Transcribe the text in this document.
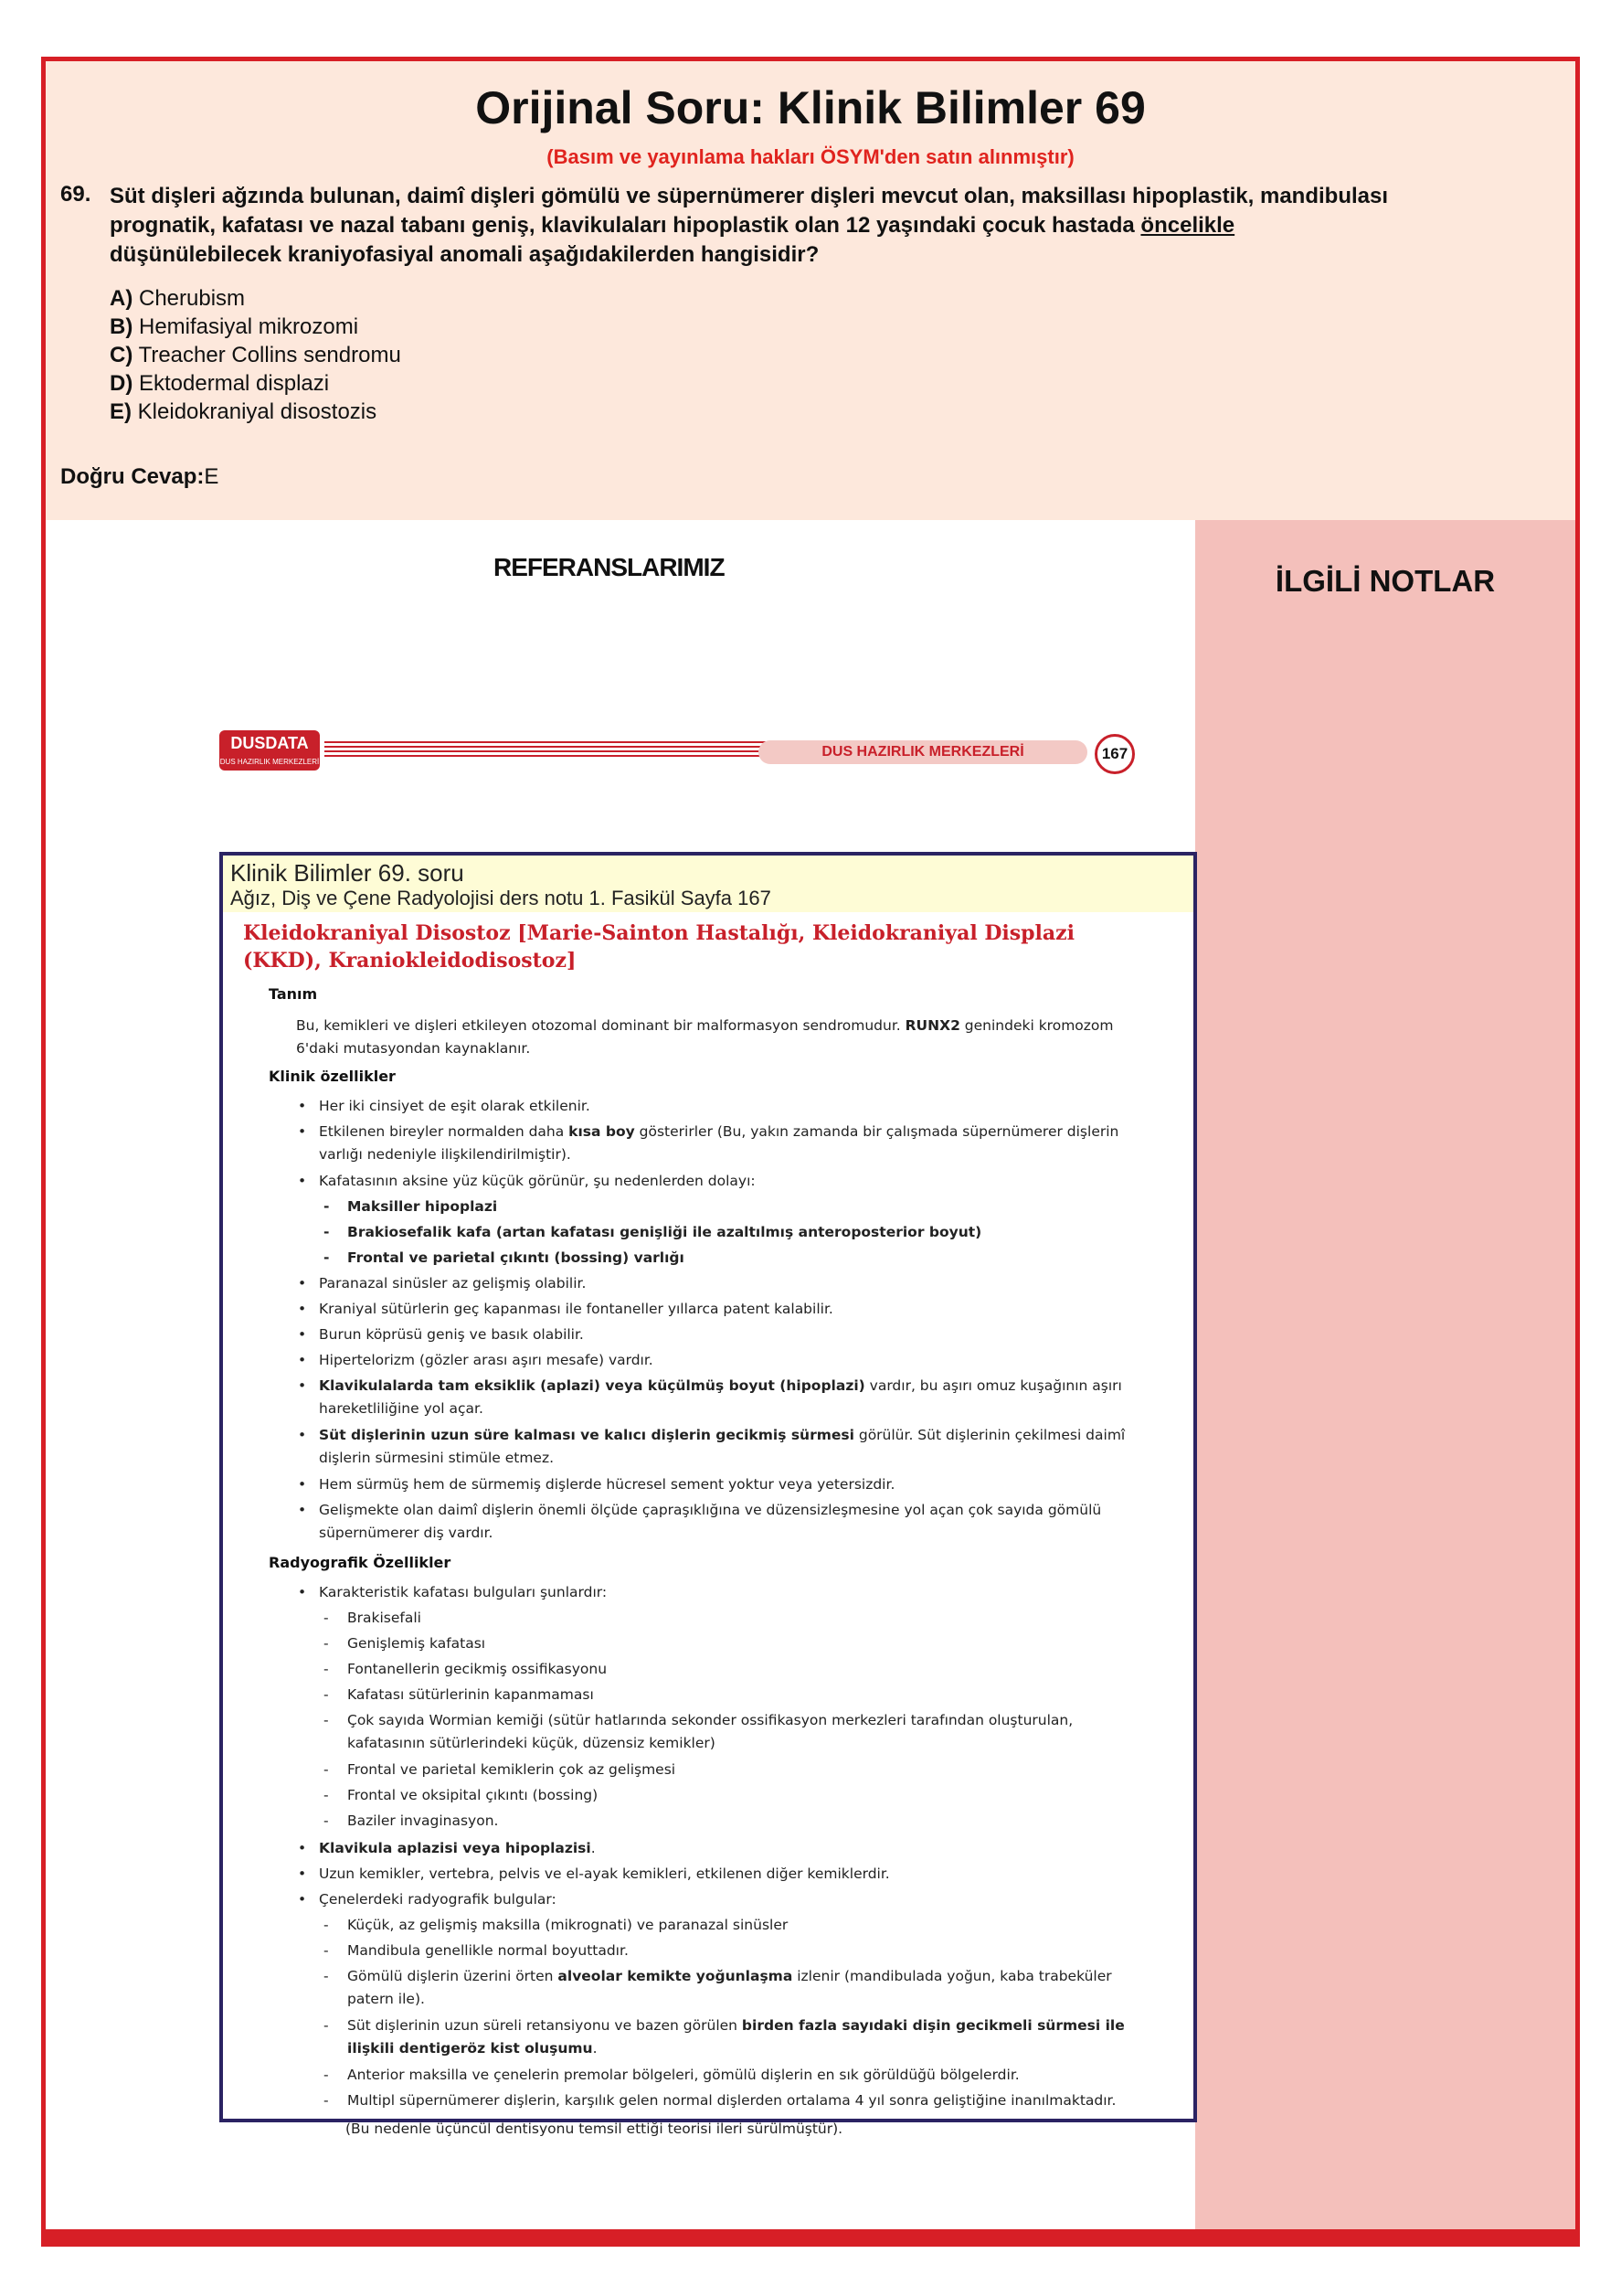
Orijinal Soru: Klinik Bilimler 69
(Basım ve yayınlama hakları ÖSYM'den satın alınmıştır)
69. Süt dişleri ağzında bulunan, daimî dişleri gömülü ve süpernümerer dişleri mevcut olan, maksillası hipoplastik, mandibulası prognatik, kafatası ve nazal tabanı geniş, klavikulaları hipoplastik olan 12 yaşındaki çocuk hastada öncelikle düşünülebilecek kraniyofasiyal anomali aşağıdakilerden hangisidir?
A) Cherubism
B) Hemifasiyal mikrozomi
C) Treacher Collins sendromu
D) Ektodermal displazi
E) Kleidokraniyal disostozis
Doğru Cevap:E
REFERANSLARIMIZ	İLGİLİ NOTLAR
DUSDATA
DUS HAZIRLIK MERKEZLERİ
DUS HAZIRLIK MERKEZLERİ	167
Klinik Bilimler 69. soru
Ağız, Diş ve Çene Radyolojisi ders notu 1. Fasikül Sayfa 167
Kleidokraniyal Disostoz [Marie-Sainton Hastalığı, Kleidokraniyal Displazi (KKD), Kraniokleidodisostoz]
Tanım
Bu, kemikleri ve dişleri etkileyen otozomal dominant bir malformasyon sendromudur. RUNX2 genindeki kromozom 6'daki mutasyondan kaynaklanır.
Klinik özellikler
• Her iki cinsiyet de eşit olarak etkilenir.
• Etkilenen bireyler normalden daha kısa boy gösterirler (Bu, yakın zamanda bir çalışmada süpernümerer dişlerin varlığı nedeniyle ilişkilendirilmiştir).
• Kafatasının aksine yüz küçük görünür, şu nedenlerden dolayı:
- Maksiller hipoplazi
- Brakiosefalik kafa (artan kafatası genişliği ile azaltılmış anteroposterior boyut)
- Frontal ve parietal çıkıntı (bossing) varlığı
• Paranazal sinüsler az gelişmiş olabilir.
• Kraniyal sütürlerin geç kapanması ile fontaneller yıllarca patent kalabilir.
• Burun köprüsü geniş ve basık olabilir.
• Hipertelorizm (gözler arası aşırı mesafe) vardır.
• Klavikulalarda tam eksiklik (aplazi) veya küçülmüş boyut (hipoplazi) vardır, bu aşırı omuz kuşağının aşırı hareketliliğine yol açar.
• Süt dişlerinin uzun süre kalması ve kalıcı dişlerin gecikmiş sürmesi görülür. Süt dişlerinin çekilmesi daimî dişlerin sürmesini stimüle etmez.
• Hem sürmüş hem de sürmemiş dişlerde hücresel sement yoktur veya yetersizdir.
• Gelişmekte olan daimî dişlerin önemli ölçüde çapraşıklığına ve düzensizleşmesine yol açan çok sayıda gömülü süpernümerer diş vardır.
Radyografik Özellikler
• Karakteristik kafatası bulguları şunlardır:
- Brakisefali
- Genişlemiş kafatası
- Fontanellerin gecikmiş ossifikasyonu
- Kafatası sütürlerinin kapanmaması
- Çok sayıda Wormian kemiği (sütür hatlarında sekonder ossifikasyon merkezleri tarafından oluşturulan, kafatasının sütürlerindeki küçük, düzensiz kemikler)
- Frontal ve parietal kemiklerin çok az gelişmesi
- Frontal ve oksipital çıkıntı (bossing)
- Baziler invaginasyon.
• Klavikula aplazisi veya hipoplazisi.
• Uzun kemikler, vertebra, pelvis ve el-ayak kemikleri, etkilenen diğer kemiklerdir.
• Çenelerdeki radyografik bulgular:
- Küçük, az gelişmiş maksilla (mikrognati) ve paranazal sinüsler
- Mandibula genellikle normal boyuttadır.
- Gömülü dişlerin üzerini örten alveolar kemikte yoğunlaşma izlenir (mandibulada yoğun, kaba trabeküler patern ile).
- Süt dişlerinin uzun süreli retansiyonu ve bazen görülen birden fazla sayıdaki dişin gecikmeli sürmesi ile ilişkili dentigeröz kist oluşumu.
- Anterior maksilla ve çenelerin premolar bölgeleri, gömülü dişlerin en sık görüldüğü bölgelerdir.
- Multipl süpernümerer dişlerin, karşılık gelen normal dişlerden ortalama 4 yıl sonra geliştiğine inanılmaktadır.
(Bu nedenle üçüncül dentisyonu temsil ettiği teorisi ileri sürülmüştür).
